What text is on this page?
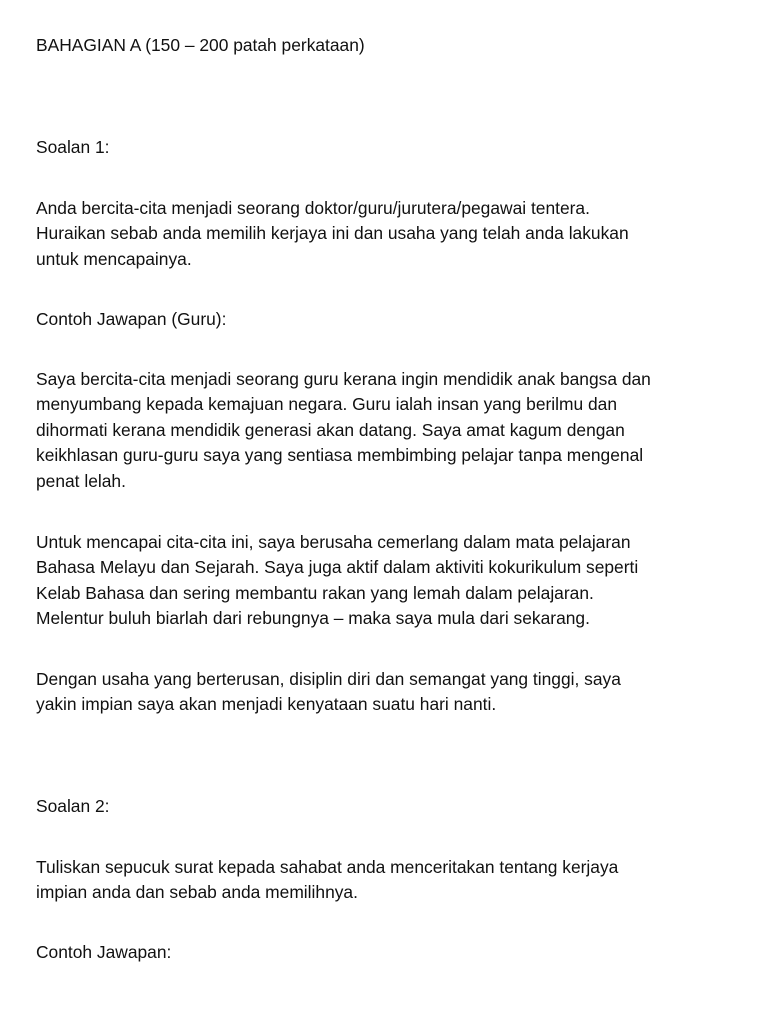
BAHAGIAN A (150 – 200 patah perkataan)

Soalan 1:

Anda bercita-cita menjadi seorang doktor/guru/jurutera/pegawai tentera.
Huraikan sebab anda memilih kerjaya ini dan usaha yang telah anda lakukan
untuk mencapainya.

Contoh Jawapan (Guru):

Saya bercita-cita menjadi seorang guru kerana ingin mendidik anak bangsa dan
menyumbang kepada kemajuan negara. Guru ialah insan yang berilmu dan
dihormati kerana mendidik generasi akan datang. Saya amat kagum dengan
keikhlasan guru-guru saya yang sentiasa membimbing pelajar tanpa mengenal
penat lelah.
Untuk mencapai cita-cita ini, saya berusaha cemerlang dalam mata pelajaran
Bahasa Melayu dan Sejarah. Saya juga aktif dalam aktiviti kokurikulum seperti
Kelab Bahasa dan sering membantu rakan yang lemah dalam pelajaran.
Melentur buluh biarlah dari rebungnya – maka saya mula dari sekarang.
Dengan usaha yang berterusan, disiplin diri dan semangat yang tinggi, saya
yakin impian saya akan menjadi kenyataan suatu hari nanti.

Soalan 2:

Tuliskan sepucuk surat kepada sahabat anda menceritakan tentang kerjaya
impian anda dan sebab anda memilihnya.

Contoh Jawapan:
